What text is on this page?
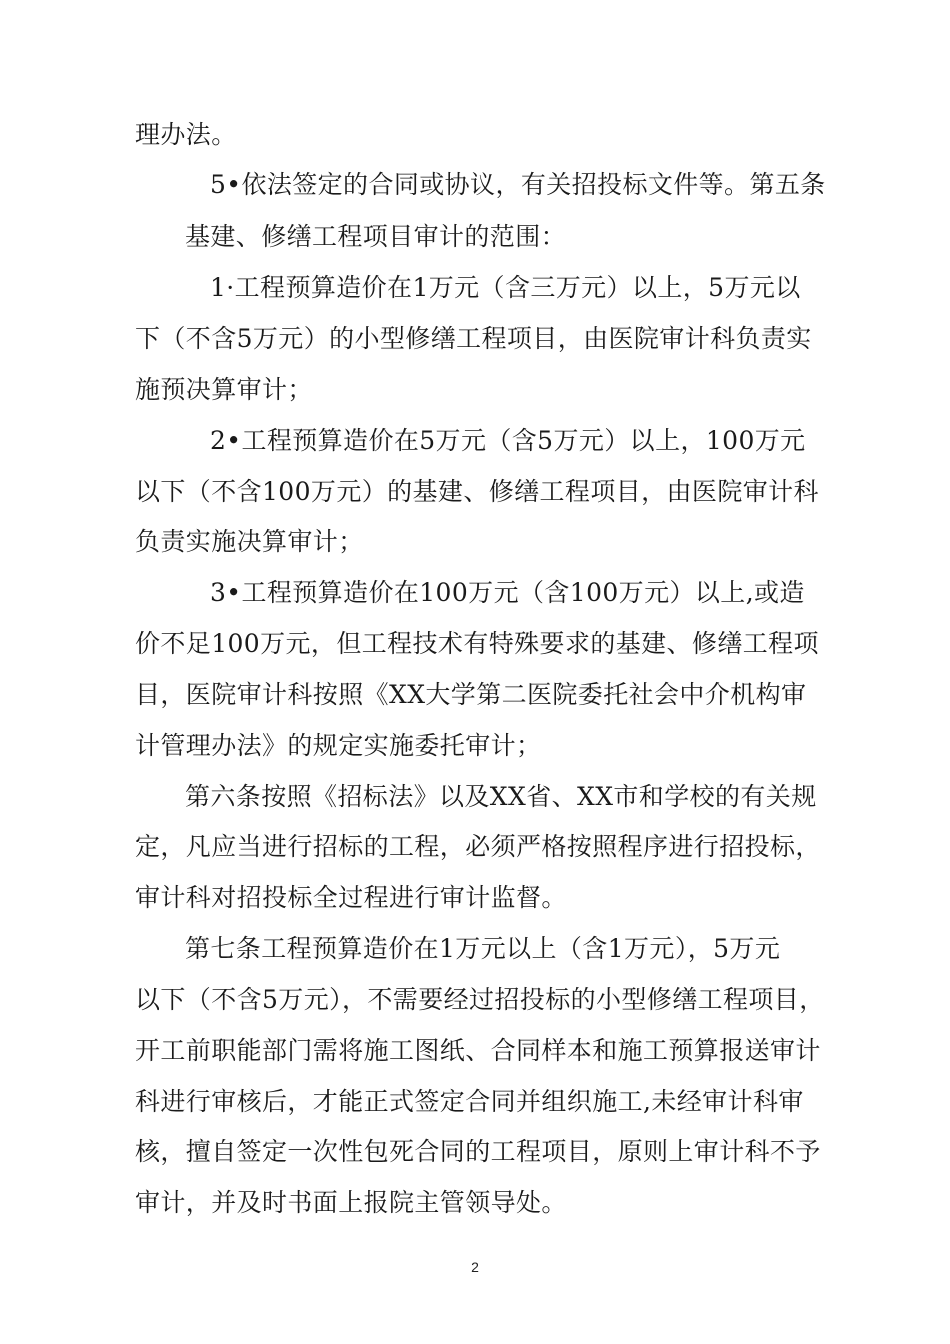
理办法。
5•依法签定的合同或协议，有关招投标文件等。第五条
基建、修缮工程项目审计的范围：
1·工程预算造价在1万元（含三万元）以上，5万元以
下（不含5万元）的小型修缮工程项目，由医院审计科负责实
施预决算审计；
2•工程预算造价在5万元（含5万元）以上，100万元
以下（不含100万元）的基建、修缮工程项目，由医院审计科
负责实施决算审计；
3•工程预算造价在100万元（含100万元）以上,或造
价不足100万元，但工程技术有特殊要求的基建、修缮工程项
目，医院审计科按照《XX大学第二医院委托社会中介机构审
计管理办法》的规定实施委托审计；
第六条按照《招标法》以及XX省、XX市和学校的有关规
定，凡应当进行招标的工程，必须严格按照程序进行招投标，
审计科对招投标全过程进行审计监督。
第七条工程预算造价在1万元以上（含1万元），5万元
以下（不含5万元），不需要经过招投标的小型修缮工程项目，
开工前职能部门需将施工图纸、合同样本和施工预算报送审计
科进行审核后，才能正式签定合同并组织施工,未经审计科审
核，擅自签定一次性包死合同的工程项目，原则上审计科不予
审计，并及时书面上报院主管领导处。
2
